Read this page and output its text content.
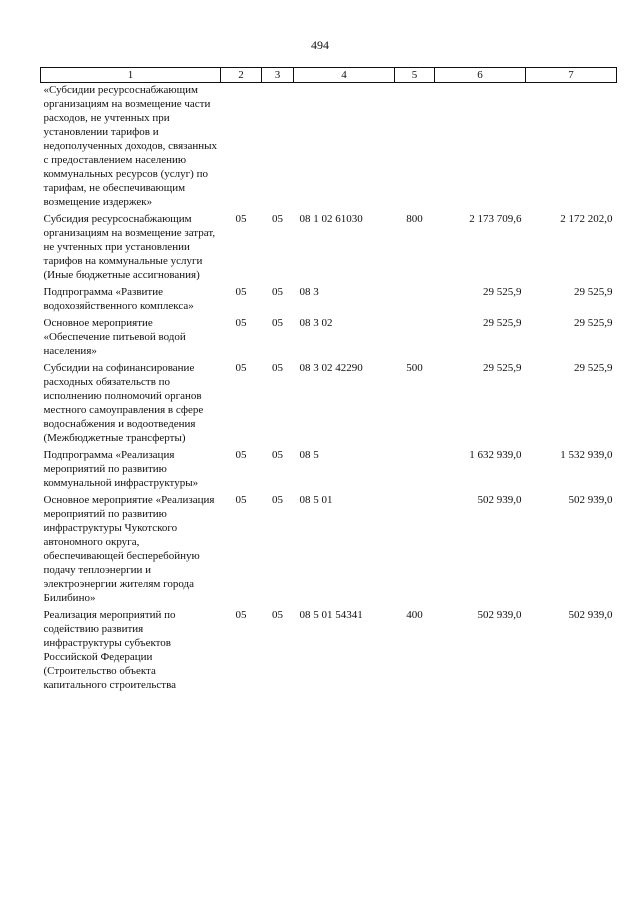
494
1	2	3	4	5	6	7
«Субсидии ресурсоснабжающим организациям на возмещение части расходов, не учтенных при установлении тарифов и недополученных доходов, связанных с предоставлением населению коммунальных ресурсов (услуг) по тарифам, не обеспечивающим возмещение издержек»						
Субсидия ресурсоснабжающим организациям на возмещение затрат, не учтенных при установлении тарифов на коммунальные услуги (Иные бюджетные ассигнования)	05	05	08 1 02 61030	800	2 173 709,6	2 172 202,0
Подпрограмма «Развитие водохозяйственного комплекса»	05	05	08 3		29 525,9	29 525,9
Основное мероприятие «Обеспечение питьевой водой населения»	05	05	08 3 02		29 525,9	29 525,9
Субсидии на софинансирование расходных обязательств по исполнению полномочий органов местного самоуправления в сфере водоснабжения и водоотведения (Межбюджетные трансферты)	05	05	08 3 02 42290	500	29 525,9	29 525,9
Подпрограмма «Реализация мероприятий по развитию коммунальной инфраструктуры»	05	05	08 5		1 632 939,0	1 532 939,0
Основное мероприятие «Реализация мероприятий по развитию инфраструктуры Чукотского автономного округа, обеспечивающей бесперебойную подачу теплоэнергии и электроэнергии жителям города Билибино»	05	05	08 5 01		502 939,0	502 939,0
Реализация мероприятий по содействию развития инфраструктуры субъектов Российской Федерации (Строительство объекта капитального строительства	05	05	08 5 01 54341	400	502 939,0	502 939,0
